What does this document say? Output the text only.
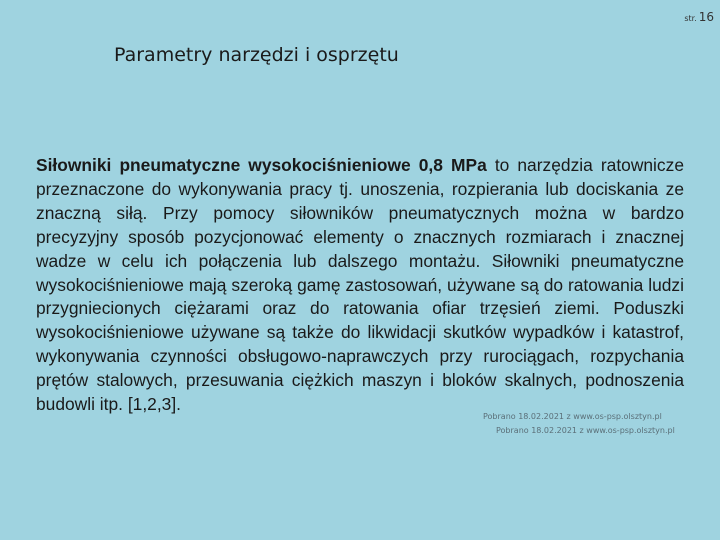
str. 16
Parametry narzędzi i osprzętu
Siłowniki pneumatyczne wysokociśnieniowe 0,8 MPa to narzędzia ratownicze przeznaczone do wykonywania pracy tj. unoszenia, rozpierania lub dociskania ze znaczną siłą. Przy pomocy siłowników pneumatycznych można w bardzo precyzyjny sposób pozycjonować elementy o znacznych rozmiarach i znacznej wadze w celu ich połączenia lub dalszego montażu. Siłowniki pneumatyczne wysokociśnieniowe mają szeroką gamę zastosowań, używane są do ratowania ludzi przygniecionych ciężarami oraz do ratowania ofiar trzęsień ziemi. Poduszki wysokociśnieniowe używane są także do likwidacji skutków wypadków i katastrof, wykonywania czynności obsługowo-naprawczych przy rurociągach, rozpychania prętów stalowych, przesuwania ciężkich maszyn i bloków skalnych, podnoszenia budowli itp. [1,2,3].
Pobrano 18.02.2021 z www.os-psp.olsztyn.pl
Pobrano 18.02.2021 z www.os-psp.olsztyn.pl
